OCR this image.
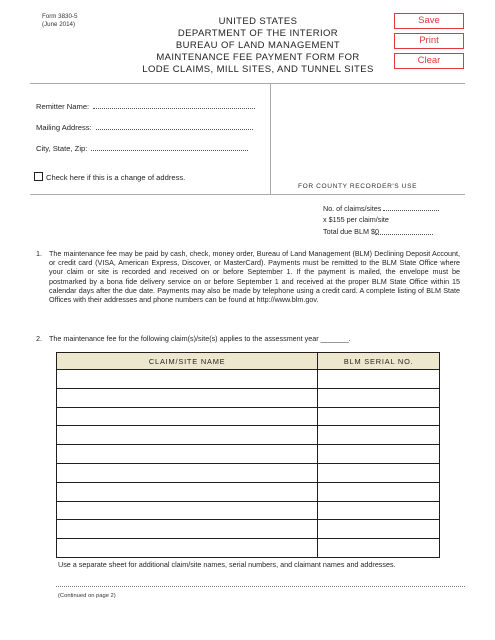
Form 3830-5
(June 2014)	UNITED STATES
DEPARTMENT OF THE INTERIOR
BUREAU OF LAND MANAGEMENT
MAINTENANCE FEE PAYMENT FORM FOR
LODE CLAIMS, MILL SITES, AND TUNNEL SITES
Save
Print
Clear
Remitter Name:
Mailing Address:
City, State, Zip:
Check here if this is a change of address.
FOR COUNTY RECORDER'S USE
No. of claims/sites
x $155 per claim/site
Total due BLM $0
1. The maintenance fee may be paid by cash, check, money order, Bureau of Land Management (BLM) Declining Deposit Account, or credit card (VISA, American Express, Discover, or MasterCard). Payments must be remitted to the BLM State Office where your claim or site is recorded and received on or before September 1. If the payment is mailed, the envelope must be postmarked by a bona fide delivery service on or before September 1 and received at the proper BLM State Office within 15 calendar days after the due date. Payments may also be made by telephone using a credit card. A complete listing of BLM State Offices with their addresses and phone numbers can be found at http://www.blm.gov.
2. The maintenance fee for the following claim(s)/site(s) applies to the assessment year _______.
CLAIM/SITE NAME	BLM SERIAL NO.

Use a separate sheet for additional claim/site names, serial numbers, and claimant names and addresses.
(Continued on page 2)
